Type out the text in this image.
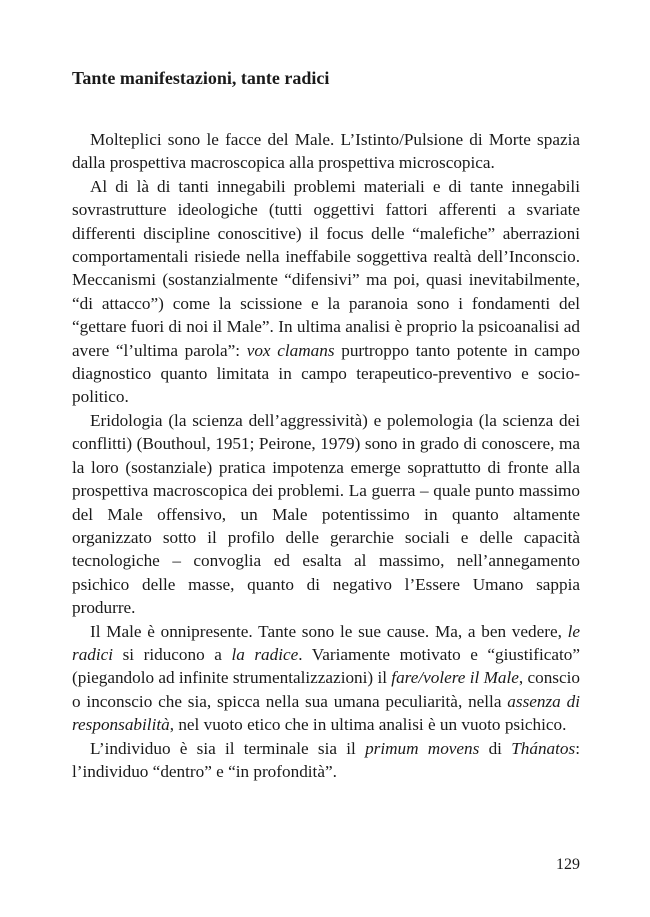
Tante manifestazioni, tante radici

Molteplici sono le facce del Male. L’Istinto/Pulsione di Morte spazia dalla prospettiva macroscopica alla prospettiva microscopica.

Al di là di tanti innegabili problemi materiali e di tante innegabili sovrastrutture ideologiche (tutti oggettivi fattori afferenti a svariate differenti discipline conoscitive) il focus delle “malefiche” aberrazioni comportamentali risiede nella ineffabile soggettiva realtà dell’Inconscio. Meccanismi (sostanzialmente “difensivi” ma poi, quasi inevitabilmente, “di attacco”) come la scissione e la paranoia sono i fondamenti del “gettare fuori di noi il Male”. In ultima analisi è proprio la psicoanalisi ad avere “l’ultima parola”: vox clamans purtroppo tanto potente in campo diagnostico quanto limitata in campo terapeutico-preventivo e socio-politico.

Eridologia (la scienza dell’aggressività) e polemologia (la scienza dei conflitti) (Bouthoul, 1951; Peirone, 1979) sono in grado di conoscere, ma la loro (sostanziale) pratica impotenza emerge soprattutto di fronte alla prospettiva macroscopica dei problemi. La guerra – quale punto massimo del Male offensivo, un Male potentissimo in quanto altamente organizzato sotto il profilo delle gerarchie sociali e delle capacità tecnologiche – convoglia ed esalta al massimo, nell’annegamento psichico delle masse, quanto di negativo l’Essere Umano sappia produrre.

Il Male è onnipresente. Tante sono le sue cause. Ma, a ben vedere, le radici si riducono a la radice. Variamente motivato e “giustificato” (piegandolo ad infinite strumentalizzazioni) il fare/volere il Male, conscio o inconscio che sia, spicca nella sua umana peculiarità, nella assenza di responsabilità, nel vuoto etico che in ultima analisi è un vuoto psichico.

L’individuo è sia il terminale sia il primum movens di Thánatos: l’individuo “dentro” e “in profondità”.

129
